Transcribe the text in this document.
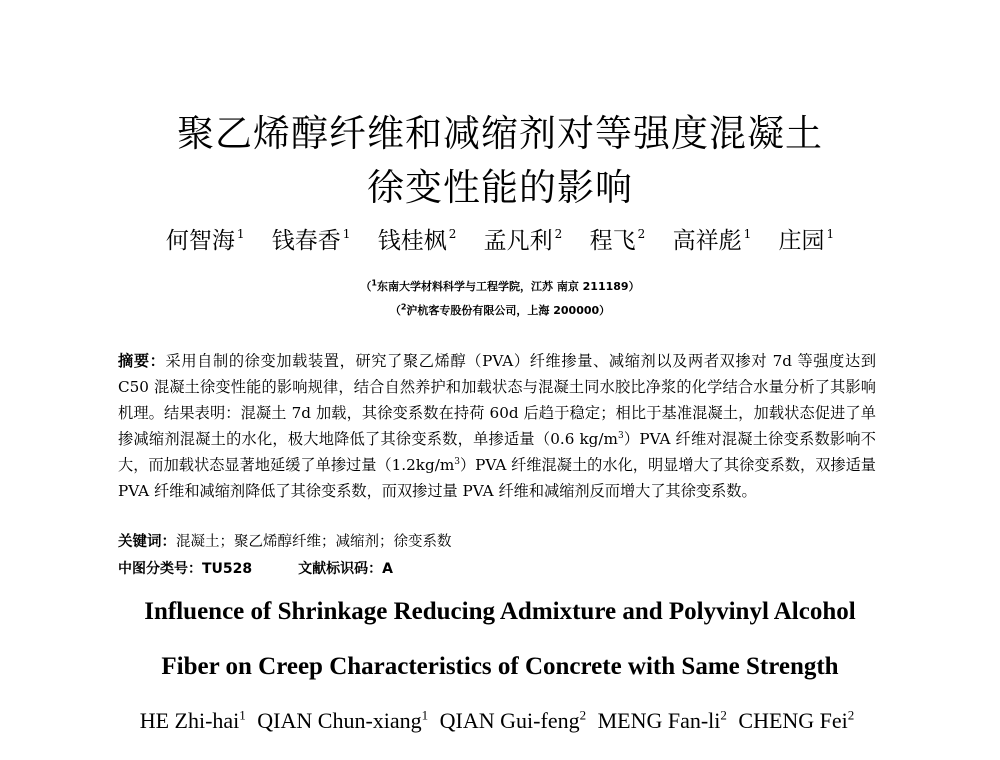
聚乙烯醇纤维和减缩剂对等强度混凝土
徐变性能的影响
何智海 $^1$ 钱春香 $^1$ 钱桂枫 $^2$ 孟凡利 $^2$ 程飞 $^2$ 高祥彪 $^1$ 庄园 $^1$
（$^1$东南大学材料科学与工程学院，江苏 南京 211189）
（$^2$沪杭客专股份有限公司，上海 200000）
摘要：采用自制的徐变加载装置，研究了聚乙烯醇（PVA）纤维掺量、减缩剂以及两者双掺对 7d 等强度达到 C50 混凝土徐变性能的影响规律，结合自然养护和加载状态与混凝土同水胶比净浆的化学结合水量分析了其影响机理。结果表明：混凝土 7d 加载，其徐变系数在持荷 60d 后趋于稳定；相比于基准混凝土，加载状态促进了单掺减缩剂混凝土的水化，极大地降低了其徐变系数，单掺适量（0.6 $kg/m^3)PVA$ 纤维对混凝土徐变系数影响不大，而加载状态显著地延缓了单掺过量$(1.2kg/m^3)PVA$ 纤维混凝土的水化，明显增大了其徐变系数，双掺适量 PVA 纤维和减缩剂降低了其徐变系数，而双掺过量 PVA 纤维和减缩剂反而增大了其徐变系数。
关键词：混凝土；聚乙烯醇纤维；减缩剂；徐变系数
中图分类号：TU528	文献标识码：A
Influence of Shrinkage Reducing Admixture and Polyvinyl Alcohol
Fiber on Creep Characteristics of Concrete with Same Strength
HE Zhi-hai$^1$ QIAN Chun-xiang$^1$ QIAN Gui-feng$^2$ MENG Fan-$li^2$ CHENG Fei$^2$
